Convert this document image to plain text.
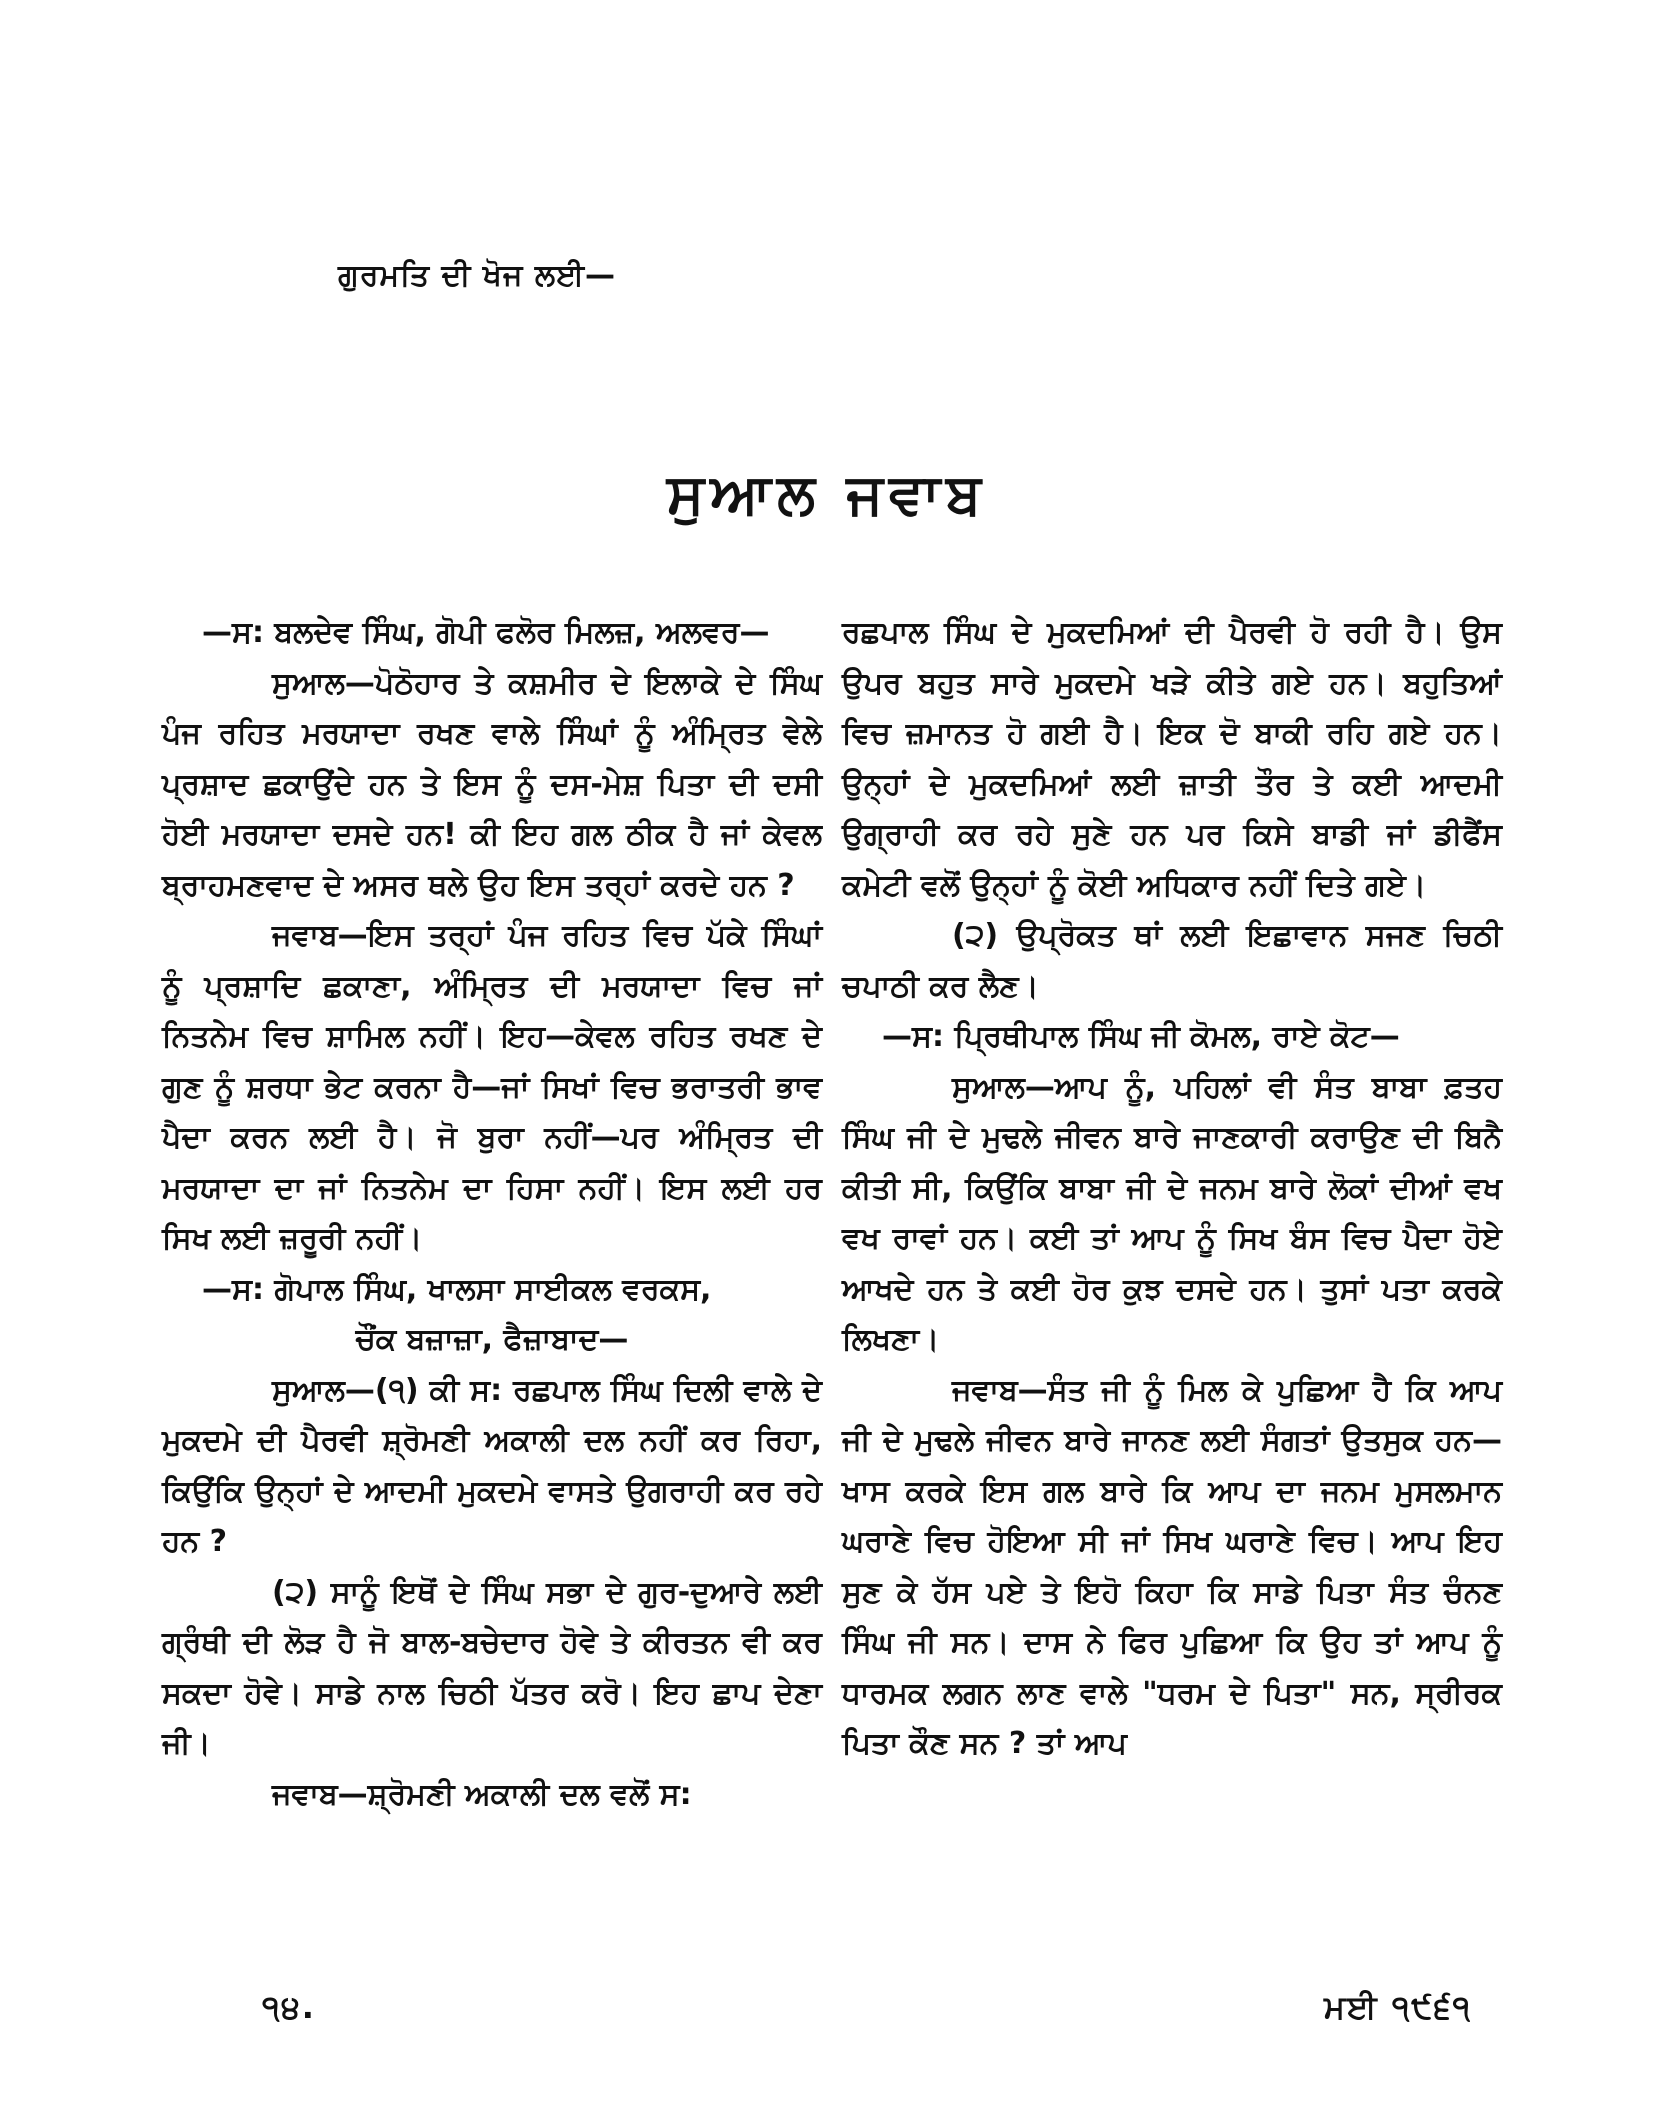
ਗੁਰਮਤਿ ਦੀ ਖੋਜ ਲਈ—
ਸੁਆਲ ਜਵਾਬ

—ਸ: ਬਲਦੇਵ ਸਿੰਘ, ਗੋਪੀ ਫਲੋਰ ਮਿਲਜ਼, ਅਲਵਰ—

ਸੁਆਲ—ਪੋਠੋਹਾਰ ਤੇ ਕਸ਼ਮੀਰ ਦੇ ਇਲਾਕੇ ਦੇ ਸਿੰਘ ਪੰਜ ਰਹਿਤ ਮਰਯਾਦਾ ਰਖਣ ਵਾਲੇ ਸਿੰਘਾਂ ਨੂੰ ਅੰਮ੍ਰਿਤ ਵੇਲੇ ਪ੍ਰਸ਼ਾਦ ਛਕਾਉਂਦੇ ਹਨ ਤੇ ਇਸ ਨੂੰ ਦਸ-ਮੇਸ਼ ਪਿਤਾ ਦੀ ਦਸੀ ਹੋਈ ਮਰਯਾਦਾ ਦਸਦੇ ਹਨ! ਕੀ ਇਹ ਗਲ ਠੀਕ ਹੈ ਜਾਂ ਕੇਵਲ ਬ੍ਰਾਹਮਣਵਾਦ ਦੇ ਅਸਰ ਥਲੇ ਉਹ ਇਸ ਤਰ੍ਹਾਂ ਕਰਦੇ ਹਨ ?

ਜਵਾਬ—ਇਸ ਤਰ੍ਹਾਂ ਪੰਜ ਰਹਿਤ ਵਿਚ ਪੱਕੇ ਸਿੰਘਾਂ ਨੂੰ ਪ੍ਰਸ਼ਾਦਿ ਛਕਾਣਾ, ਅੰਮ੍ਰਿਤ ਦੀ ਮਰਯਾਦਾ ਵਿਚ ਜਾਂ ਨਿਤਨੇਮ ਵਿਚ ਸ਼ਾਮਿਲ ਨਹੀਂ। ਇਹ—ਕੇਵਲ ਰਹਿਤ ਰਖਣ ਦੇ ਗੁਣ ਨੂੰ ਸ਼ਰਧਾ ਭੇਟ ਕਰਨਾ ਹੈ—ਜਾਂ ਸਿਖਾਂ ਵਿਚ ਭਰਾਤਰੀ ਭਾਵ ਪੈਦਾ ਕਰਨ ਲਈ ਹੈ। ਜੋ ਬੁਰਾ ਨਹੀਂ—ਪਰ ਅੰਮ੍ਰਿਤ ਦੀ ਮਰਯਾਦਾ ਦਾ ਜਾਂ ਨਿਤਨੇਮ ਦਾ ਹਿਸਾ ਨਹੀਂ। ਇਸ ਲਈ ਹਰ ਸਿਖ ਲਈ ਜ਼ਰੂਰੀ ਨਹੀਂ।

—ਸ: ਗੋਪਾਲ ਸਿੰਘ, ਖਾਲਸਾ ਸਾਈਕਲ ਵਰਕਸ,

ਚੌਂਕ ਬਜ਼ਾਜ਼ਾ, ਫੈਜ਼ਾਬਾਦ—

ਸੁਆਲ—(੧) ਕੀ ਸ: ਰਛਪਾਲ ਸਿੰਘ ਦਿਲੀ ਵਾਲੇ ਦੇ ਮੁਕਦਮੇ ਦੀ ਪੈਰਵੀ ਸ਼੍ਰੋਮਣੀ ਅਕਾਲੀ ਦਲ ਨਹੀਂ ਕਰ ਰਿਹਾ, ਕਿਉਂਕਿ ਉਨ੍ਹਾਂ ਦੇ ਆਦਮੀ ਮੁਕਦਮੇ ਵਾਸਤੇ ਉਗਰਾਹੀ ਕਰ ਰਹੇ ਹਨ ?

(੨) ਸਾਨੂੰ ਇਥੋਂ ਦੇ ਸਿੰਘ ਸਭਾ ਦੇ ਗੁਰ-ਦੁਆਰੇ ਲਈ ਗ੍ਰੰਥੀ ਦੀ ਲੋੜ ਹੈ ਜੋ ਬਾਲ-ਬਚੇਦਾਰ ਹੋਵੇ ਤੇ ਕੀਰਤਨ ਵੀ ਕਰ ਸਕਦਾ ਹੋਵੇ। ਸਾਡੇ ਨਾਲ ਚਿਠੀ ਪੱਤਰ ਕਰੋ। ਇਹ ਛਾਪ ਦੇਣਾ ਜੀ।

ਜਵਾਬ—ਸ਼੍ਰੋਮਣੀ ਅਕਾਲੀ ਦਲ ਵਲੋਂ ਸ:

ਰਛਪਾਲ ਸਿੰਘ ਦੇ ਮੁਕਦਮਿਆਂ ਦੀ ਪੈਰਵੀ ਹੋ ਰਹੀ ਹੈ। ਉਸ ਉਪਰ ਬਹੁਤ ਸਾਰੇ ਮੁਕਦਮੇ ਖੜੇ ਕੀਤੇ ਗਏ ਹਨ। ਬਹੁਤਿਆਂ ਵਿਚ ਜ਼ਮਾਨਤ ਹੋ ਗਈ ਹੈ। ਇਕ ਦੋ ਬਾਕੀ ਰਹਿ ਗਏ ਹਨ। ਉਨ੍ਹਾਂ ਦੇ ਮੁਕਦਮਿਆਂ ਲਈ ਜ਼ਾਤੀ ਤੌਰ ਤੇ ਕਈ ਆਦਮੀ ਉਗ੍ਰਾਹੀ ਕਰ ਰਹੇ ਸੁਣੇ ਹਨ ਪਰ ਕਿਸੇ ਬਾਡੀ ਜਾਂ ਡੀਫੈਂਸ ਕਮੇਟੀ ਵਲੋਂ ਉਨ੍ਹਾਂ ਨੂੰ ਕੋਈ ਅਧਿਕਾਰ ਨਹੀਂ ਦਿਤੇ ਗਏ।

(੨) ਉਪ੍ਰੋਕਤ ਥਾਂ ਲਈ ਇਛਾਵਾਨ ਸਜਣ ਚਿਠੀ ਚਪਾਠੀ ਕਰ ਲੈਣ।

—ਸ: ਪ੍ਰਿਥੀਪਾਲ ਸਿੰਘ ਜੀ ਕੋਮਲ, ਰਾਏ ਕੋਟ—

ਸੁਆਲ—ਆਪ ਨੂੰ, ਪਹਿਲਾਂ ਵੀ ਸੰਤ ਬਾਬਾ ਫ਼ਤਹ ਸਿੰਘ ਜੀ ਦੇ ਮੁਢਲੇ ਜੀਵਨ ਬਾਰੇ ਜਾਣਕਾਰੀ ਕਰਾਉਣ ਦੀ ਬਿਨੈ ਕੀਤੀ ਸੀ, ਕਿਉਂਕਿ ਬਾਬਾ ਜੀ ਦੇ ਜਨਮ ਬਾਰੇ ਲੋਕਾਂ ਦੀਆਂ ਵਖ ਵਖ ਰਾਵਾਂ ਹਨ। ਕਈ ਤਾਂ ਆਪ ਨੂੰ ਸਿਖ ਬੰਸ ਵਿਚ ਪੈਦਾ ਹੋਏ ਆਖਦੇ ਹਨ ਤੇ ਕਈ ਹੋਰ ਕੁਝ ਦਸਦੇ ਹਨ। ਤੁਸਾਂ ਪਤਾ ਕਰਕੇ ਲਿਖਣਾ।

ਜਵਾਬ—ਸੰਤ ਜੀ ਨੂੰ ਮਿਲ ਕੇ ਪੁਛਿਆ ਹੈ ਕਿ ਆਪ ਜੀ ਦੇ ਮੁਢਲੇ ਜੀਵਨ ਬਾਰੇ ਜਾਨਣ ਲਈ ਸੰਗਤਾਂ ਉਤਸੁਕ ਹਨ—ਖਾਸ ਕਰਕੇ ਇਸ ਗਲ ਬਾਰੇ ਕਿ ਆਪ ਦਾ ਜਨਮ ਮੁਸਲਮਾਨ ਘਰਾਣੇ ਵਿਚ ਹੋਇਆ ਸੀ ਜਾਂ ਸਿਖ ਘਰਾਣੇ ਵਿਚ। ਆਪ ਇਹ ਸੁਣ ਕੇ ਹੱਸ ਪਏ ਤੇ ਇਹੋ ਕਿਹਾ ਕਿ ਸਾਡੇ ਪਿਤਾ ਸੰਤ ਚੰਨਣ ਸਿੰਘ ਜੀ ਸਨ। ਦਾਸ ਨੇ ਫਿਰ ਪੁਛਿਆ ਕਿ ਉਹ ਤਾਂ ਆਪ ਨੂੰ ਧਾਰਮਕ ਲਗਨ ਲਾਣ ਵਾਲੇ "ਧਰਮ ਦੇ ਪਿਤਾ" ਸਨ, ਸ੍ਰੀਰਕ ਪਿਤਾ ਕੌਣ ਸਨ ? ਤਾਂ ਆਪ

੧੪.	ਮਈ ੧੯੬੧
